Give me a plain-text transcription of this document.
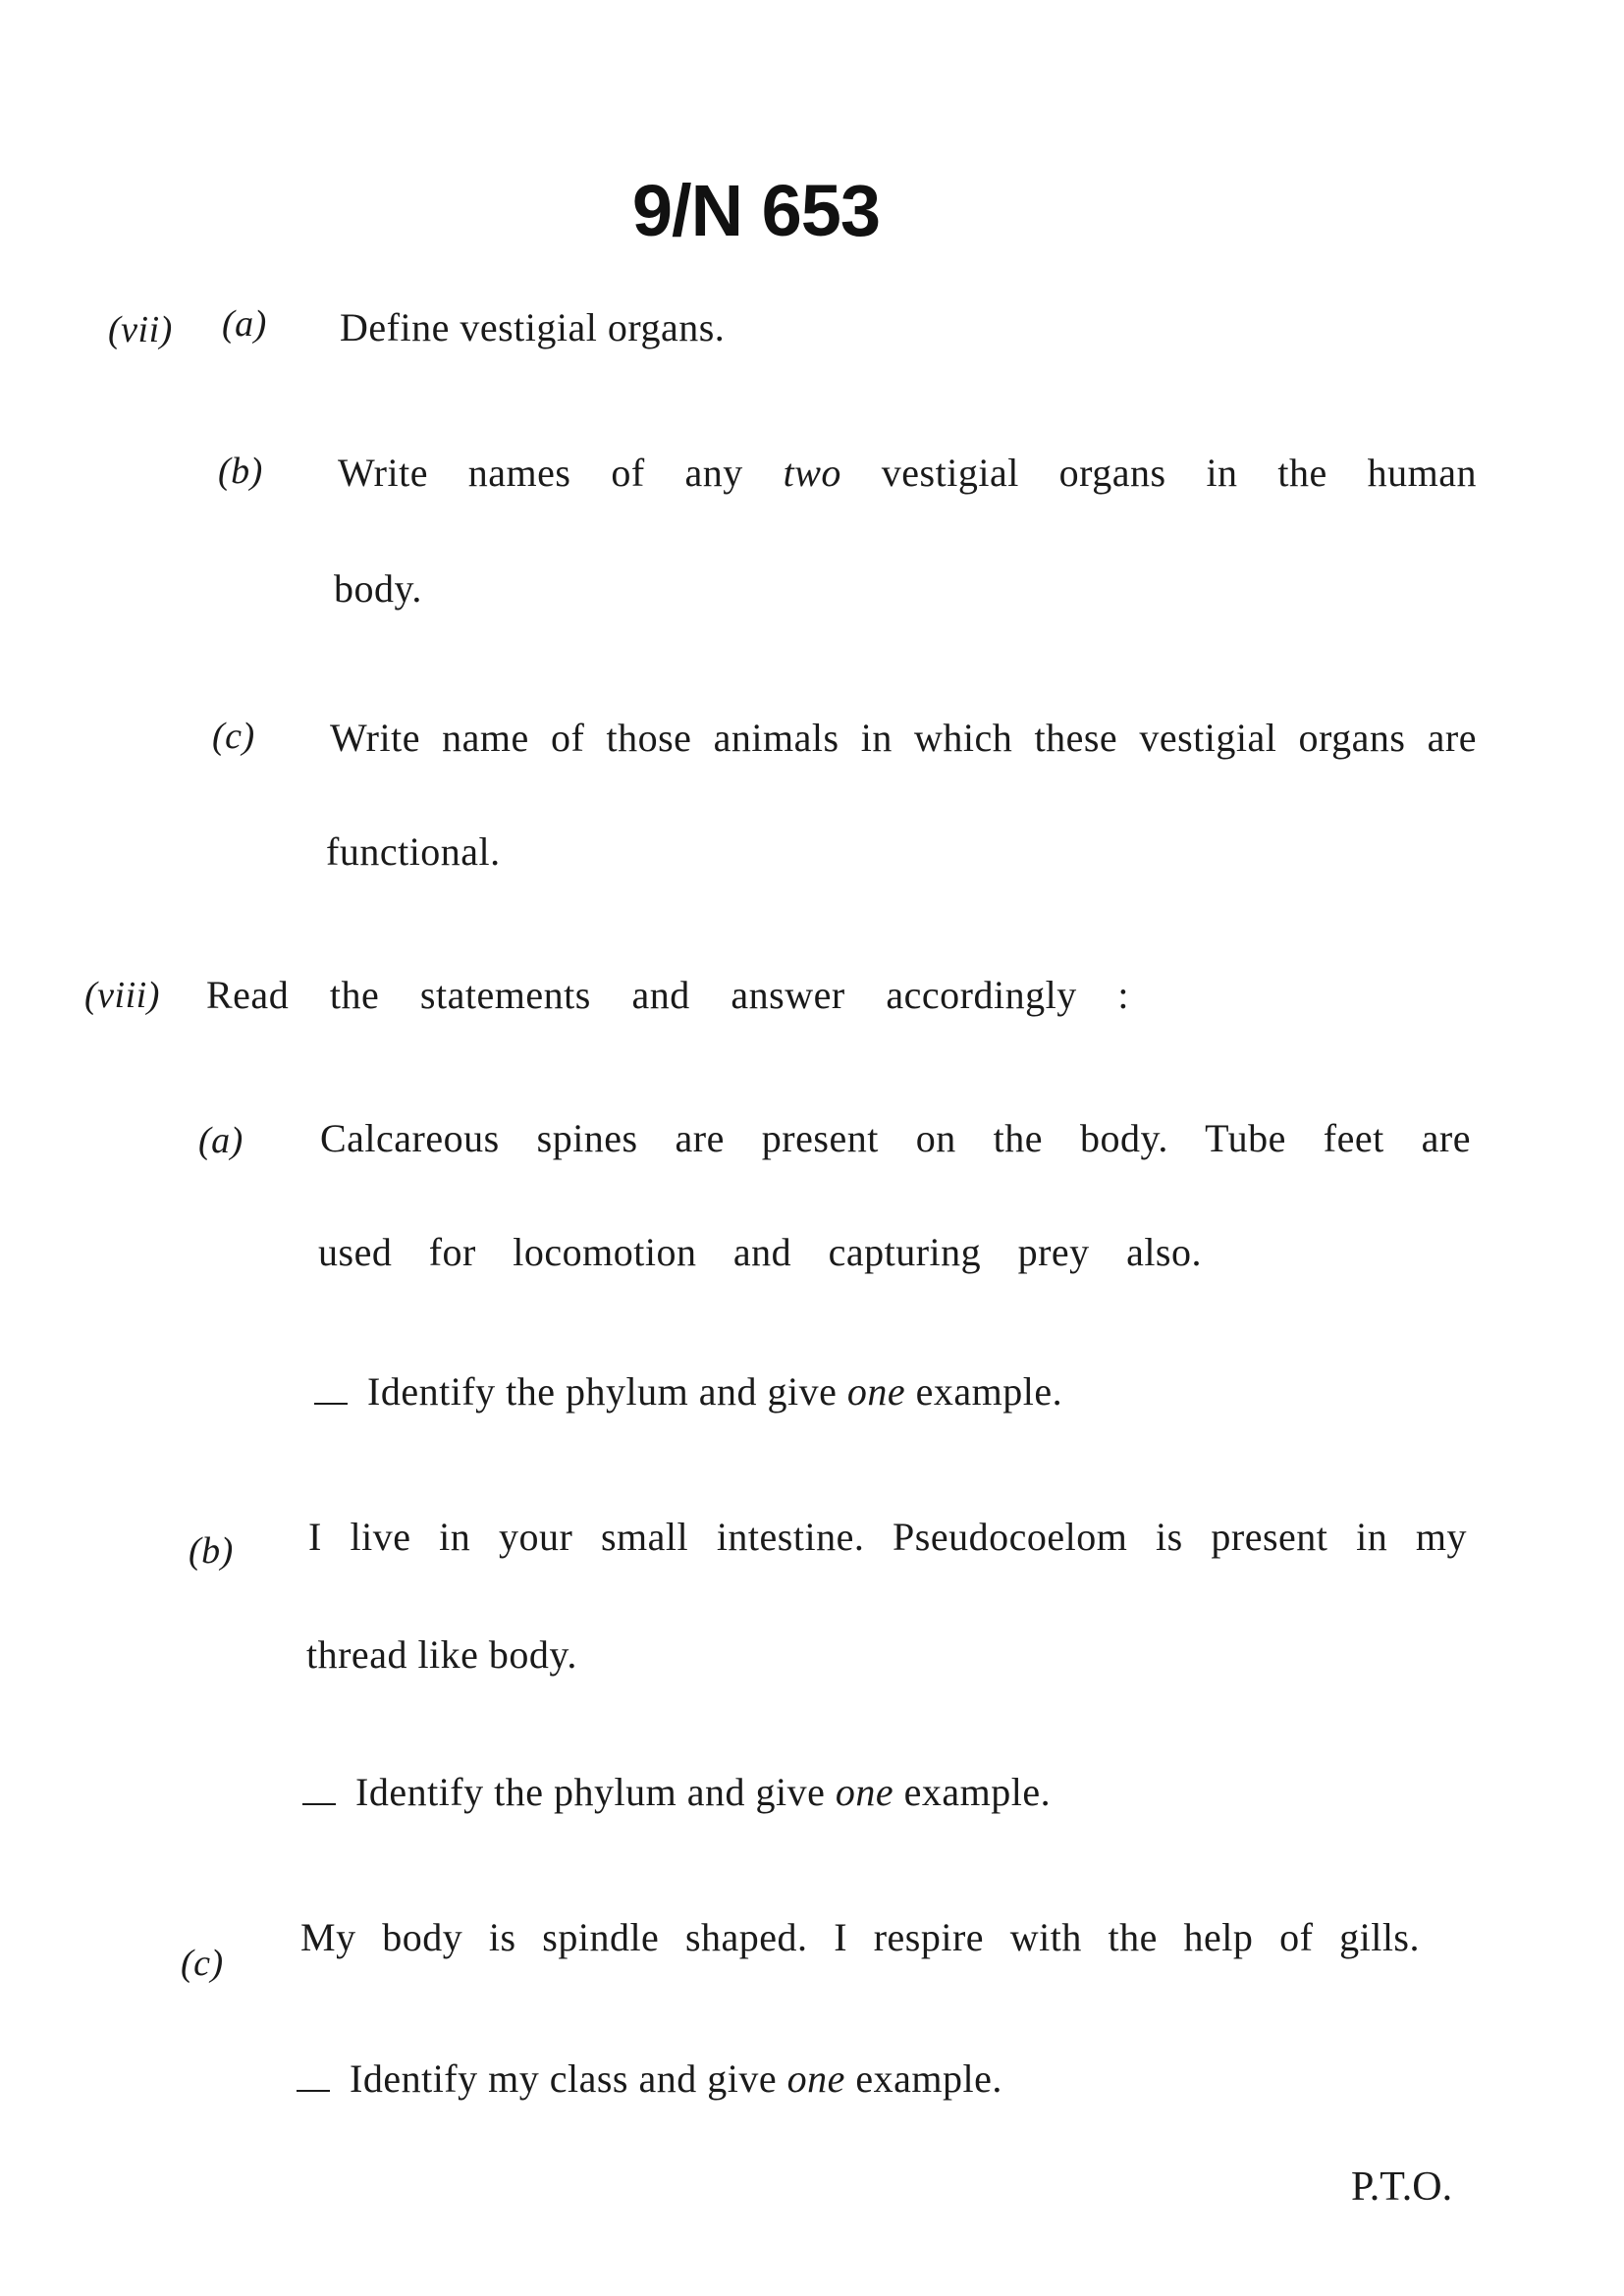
9/N 653
(vii) (a) Define vestigial organs.
(b) Write names of any two vestigial organs in the human
body.
(c) Write name of those animals in which these vestigial organs are
functional.
(viii) Read the statements and answer accordingly :
(a) Calcareous spines are present on the body. Tube feet are
used for locomotion and capturing prey also.
Identify the phylum and give one example.
(b) I live in your small intestine. Pseudocoelom is present in my
thread like body.
Identify the phylum and give one example.
(c)
My body is spindle shaped. I respire with the help of gills.
Identify my class and give one example.
P.T.O.
